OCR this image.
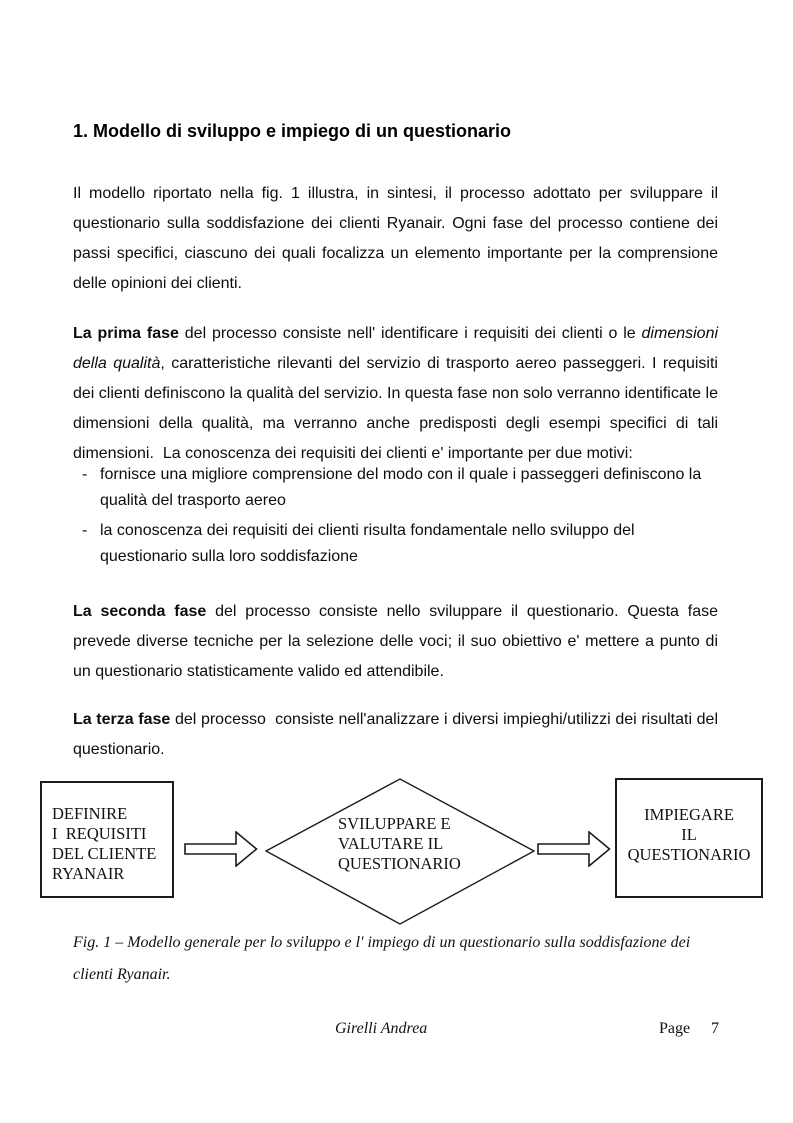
1. Modello di sviluppo e impiego di un questionario

Il modello riportato nella fig. 1 illustra, in sintesi, il processo adottato per sviluppare il questionario sulla soddisfazione dei clienti Ryanair. Ogni fase del processo contiene dei passi specifici, ciascuno dei quali focalizza un elemento importante per la comprensione delle opinioni dei clienti.

La prima fase del processo consiste nell' identificare i requisiti dei clienti o le dimensioni della qualità, caratteristiche rilevanti del servizio di trasporto aereo passeggeri. I requisiti dei clienti definiscono la qualità del servizio. In questa fase non solo verranno identificate le dimensioni della qualità, ma verranno anche predisposti degli esempi specifici di tali dimensioni.  La conoscenza dei requisiti dei clienti e' importante per due motivi:

- fornisce una migliore comprensione del modo con il quale i passeggeri definiscono la qualità del trasporto aereo
- la conoscenza dei requisiti dei clienti risulta fondamentale nello sviluppo del questionario sulla loro soddisfazione

La seconda fase del processo consiste nello sviluppare il questionario. Questa fase prevede diverse tecniche per la selezione delle voci; il suo obiettivo e' mettere a punto di un questionario statisticamente valido ed attendibile.

La terza fase del processo  consiste nell'analizzare i diversi impieghi/utilizzi dei risultati del questionario.

DEFINIRE
I  REQUISITI
DEL CLIENTE
RYANAIR
SVILUPPARE E
VALUTARE IL
QUESTIONARIO
IMPIEGARE
IL
QUESTIONARIO

Fig. 1 – Modello generale per lo sviluppo e l' impiego di un questionario sulla soddisfazione dei clienti Ryanair.

Girelli Andrea	Page 7
